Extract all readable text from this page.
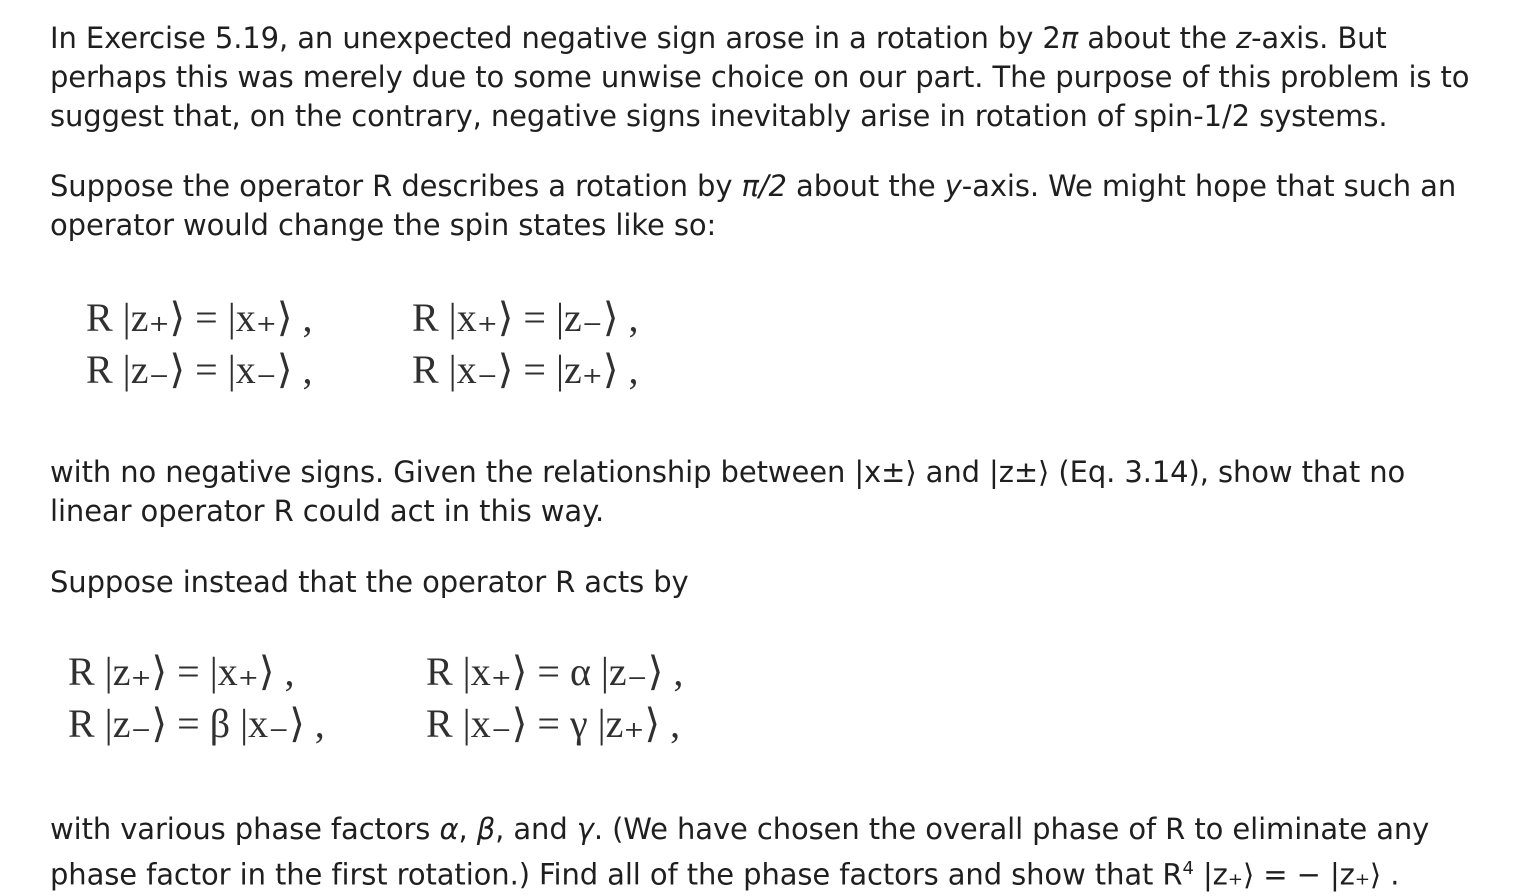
In Exercise 5.19, an unexpected negative sign arose in a rotation by 2π about the z-axis. But perhaps this was merely due to some unwise choice on our part. The purpose of this problem is to suggest that, on the contrary, negative signs inevitably arise in rotation of spin-1/2 systems.

Suppose the operator R describes a rotation by π/2 about the y-axis. We might hope that such an operator would change the spin states like so:

R |z₊⟩ = |x₊⟩ , R |x₊⟩ = |z₋⟩ ,
R |z₋⟩ = |x₋⟩ , R |x₋⟩ = |z₊⟩ ,

with no negative signs. Given the relationship between |x±⟩ and |z±⟩ (Eq. 3.14), show that no linear operator R could act in this way.

Suppose instead that the operator R acts by

R |z₊⟩ = |x₊⟩ ,	R |x₊⟩ = α |z₋⟩ ,
R |z₋⟩ = β |x₋⟩ ,	R |x₋⟩ = γ |z₊⟩ ,

with various phase factors α, β, and γ. (We have chosen the overall phase of R to eliminate any phase factor in the first rotation.) Find all of the phase factors and show that $R^4$ |z₊⟩ = − |z₊⟩ .
